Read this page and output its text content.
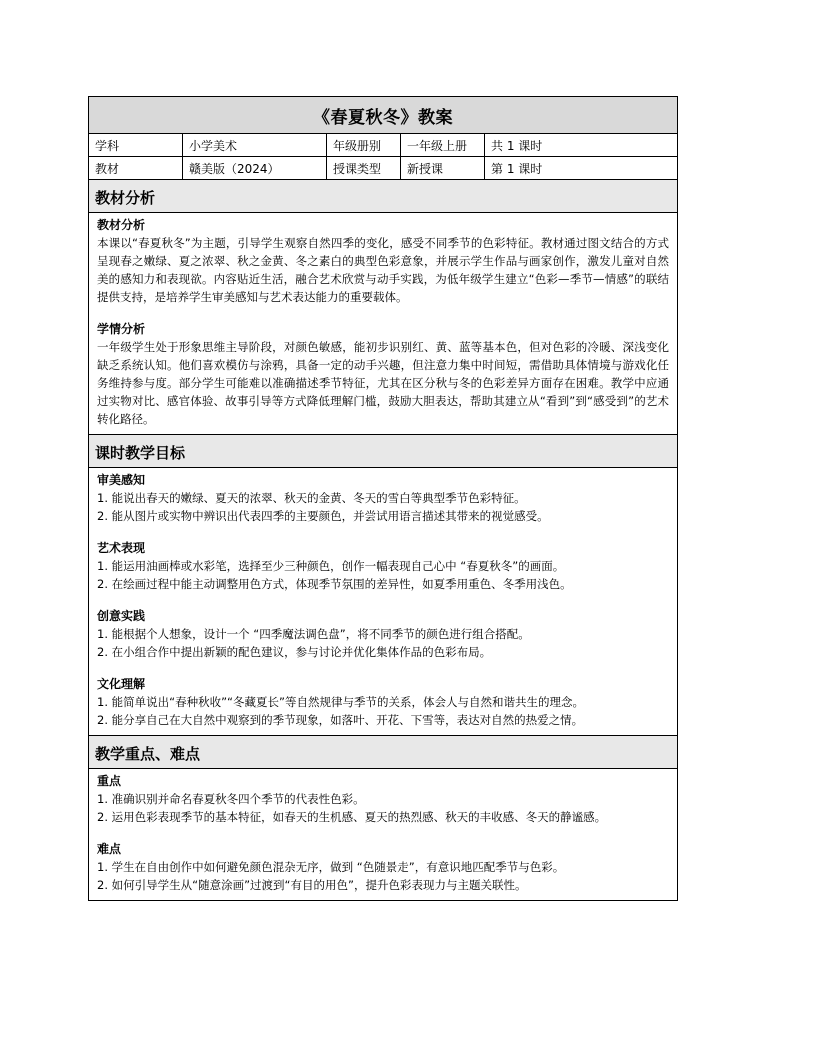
《春夏秋冬》教案
学科	小学美术	年级册别	一年级上册	共 1 课时
教材	赣美版（2024）	授课类型	新授课	第 1 课时
教材分析
教材分析
本课以“春夏秋冬”为主题，引导学生观察自然四季的变化，感受不同季节的色彩特征。教材通过图文结合的方式呈现春之嫩绿、夏之浓翠、秋之金黄、冬之素白的典型色彩意象，并展示学生作品与画家创作，激发儿童对自然美的感知力和表现欲。内容贴近生活，融合艺术欣赏与动手实践，为低年级学生建立“色彩—季节—情感”的联结提供支持，是培养学生审美感知与艺术表达能力的重要载体。
学情分析
一年级学生处于形象思维主导阶段，对颜色敏感，能初步识别红、黄、蓝等基本色，但对色彩的冷暖、深浅变化缺乏系统认知。他们喜欢模仿与涂鸦，具备一定的动手兴趣，但注意力集中时间短，需借助具体情境与游戏化任务维持参与度。部分学生可能难以准确描述季节特征，尤其在区分秋与冬的色彩差异方面存在困难。教学中应通过实物对比、感官体验、故事引导等方式降低理解门槛，鼓励大胆表达，帮助其建立从“看到”到“感受到”的艺术转化路径。
课时教学目标
审美感知
1. 能说出春天的嫩绿、夏天的浓翠、秋天的金黄、冬天的雪白等典型季节色彩特征。
2. 能从图片或实物中辨识出代表四季的主要颜色，并尝试用语言描述其带来的视觉感受。
艺术表现
1. 能运用油画棒或水彩笔，选择至少三种颜色，创作一幅表现自己心中 “春夏秋冬”的画面。
2. 在绘画过程中能主动调整用色方式，体现季节氛围的差异性，如夏季用重色、冬季用浅色。
创意实践
1. 能根据个人想象，设计一个 “四季魔法调色盘”，将不同季节的颜色进行组合搭配。
2. 在小组合作中提出新颖的配色建议，参与讨论并优化集体作品的色彩布局。
文化理解
1. 能简单说出“春种秋收”“冬藏夏长”等自然规律与季节的关系，体会人与自然和谐共生的理念。
2. 能分享自己在大自然中观察到的季节现象，如落叶、开花、下雪等，表达对自然的热爱之情。
教学重点、难点
重点
1. 准确识别并命名春夏秋冬四个季节的代表性色彩。
2. 运用色彩表现季节的基本特征，如春天的生机感、夏天的热烈感、秋天的丰收感、冬天的静谧感。
难点
1. 学生在自由创作中如何避免颜色混杂无序，做到 “色随景走”，有意识地匹配季节与色彩。
2. 如何引导学生从“随意涂画”过渡到“有目的用色”，提升色彩表现力与主题关联性。
